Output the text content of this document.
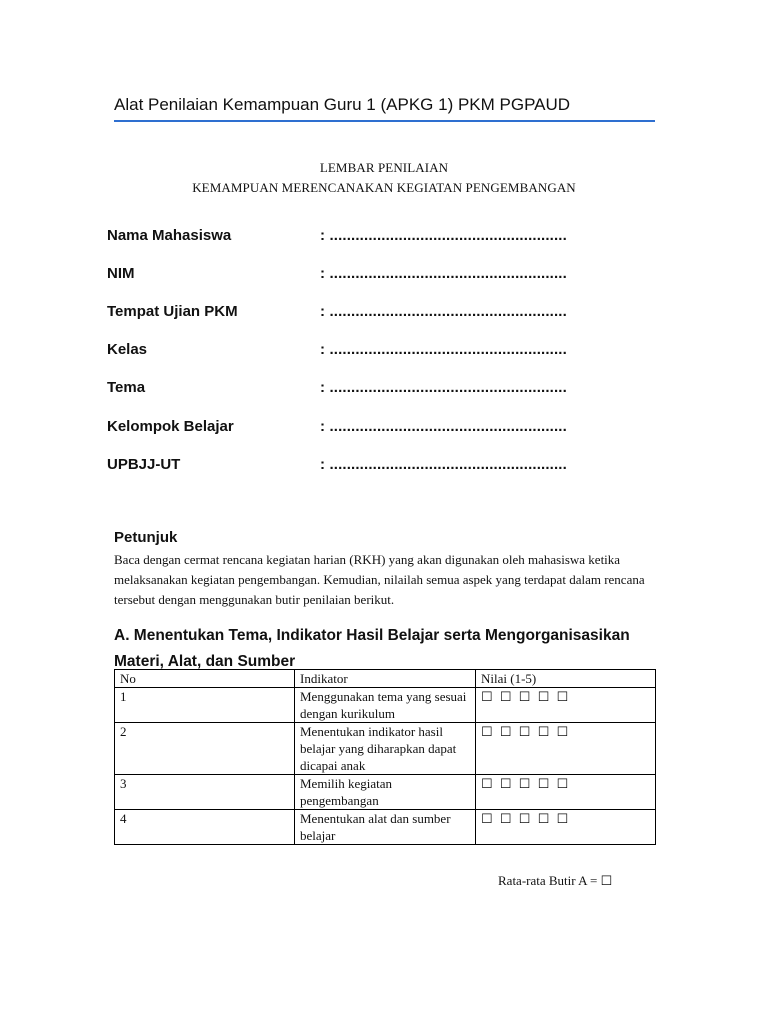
Alat Penilaian Kemampuan Guru 1 (APKG 1) PKM PGPAUD
LEMBAR PENILAIAN
KEMAMPUAN MERENCANAKAN KEGIATAN PENGEMBANGAN
Nama Mahasiswa	: .......................................................
NIM	: .......................................................
Tempat Ujian PKM	: .......................................................
Kelas	: .......................................................
Tema	: .......................................................
Kelompok Belajar	: .......................................................
UPBJJ-UT	: .......................................................
Petunjuk
Baca dengan cermat rencana kegiatan harian (RKH) yang akan digunakan oleh mahasiswa ketika melaksanakan kegiatan pengembangan. Kemudian, nilailah semua aspek yang terdapat dalam rencana tersebut dengan menggunakan butir penilaian berikut.
A. Menentukan Tema, Indikator Hasil Belajar serta Mengorganisasikan Materi, Alat, dan Sumber
No	Indikator	Nilai (1-5)
1	Menggunakan tema yang sesuai dengan kurikulum	☐ ☐ ☐ ☐ ☐
2	Menentukan indikator hasil belajar yang diharapkan dapat dicapai anak	☐ ☐ ☐ ☐ ☐
3	Memilih kegiatan pengembangan	☐ ☐ ☐ ☐ ☐
4	Menentukan alat dan sumber belajar	☐ ☐ ☐ ☐ ☐
Rata-rata Butir A = ☐
